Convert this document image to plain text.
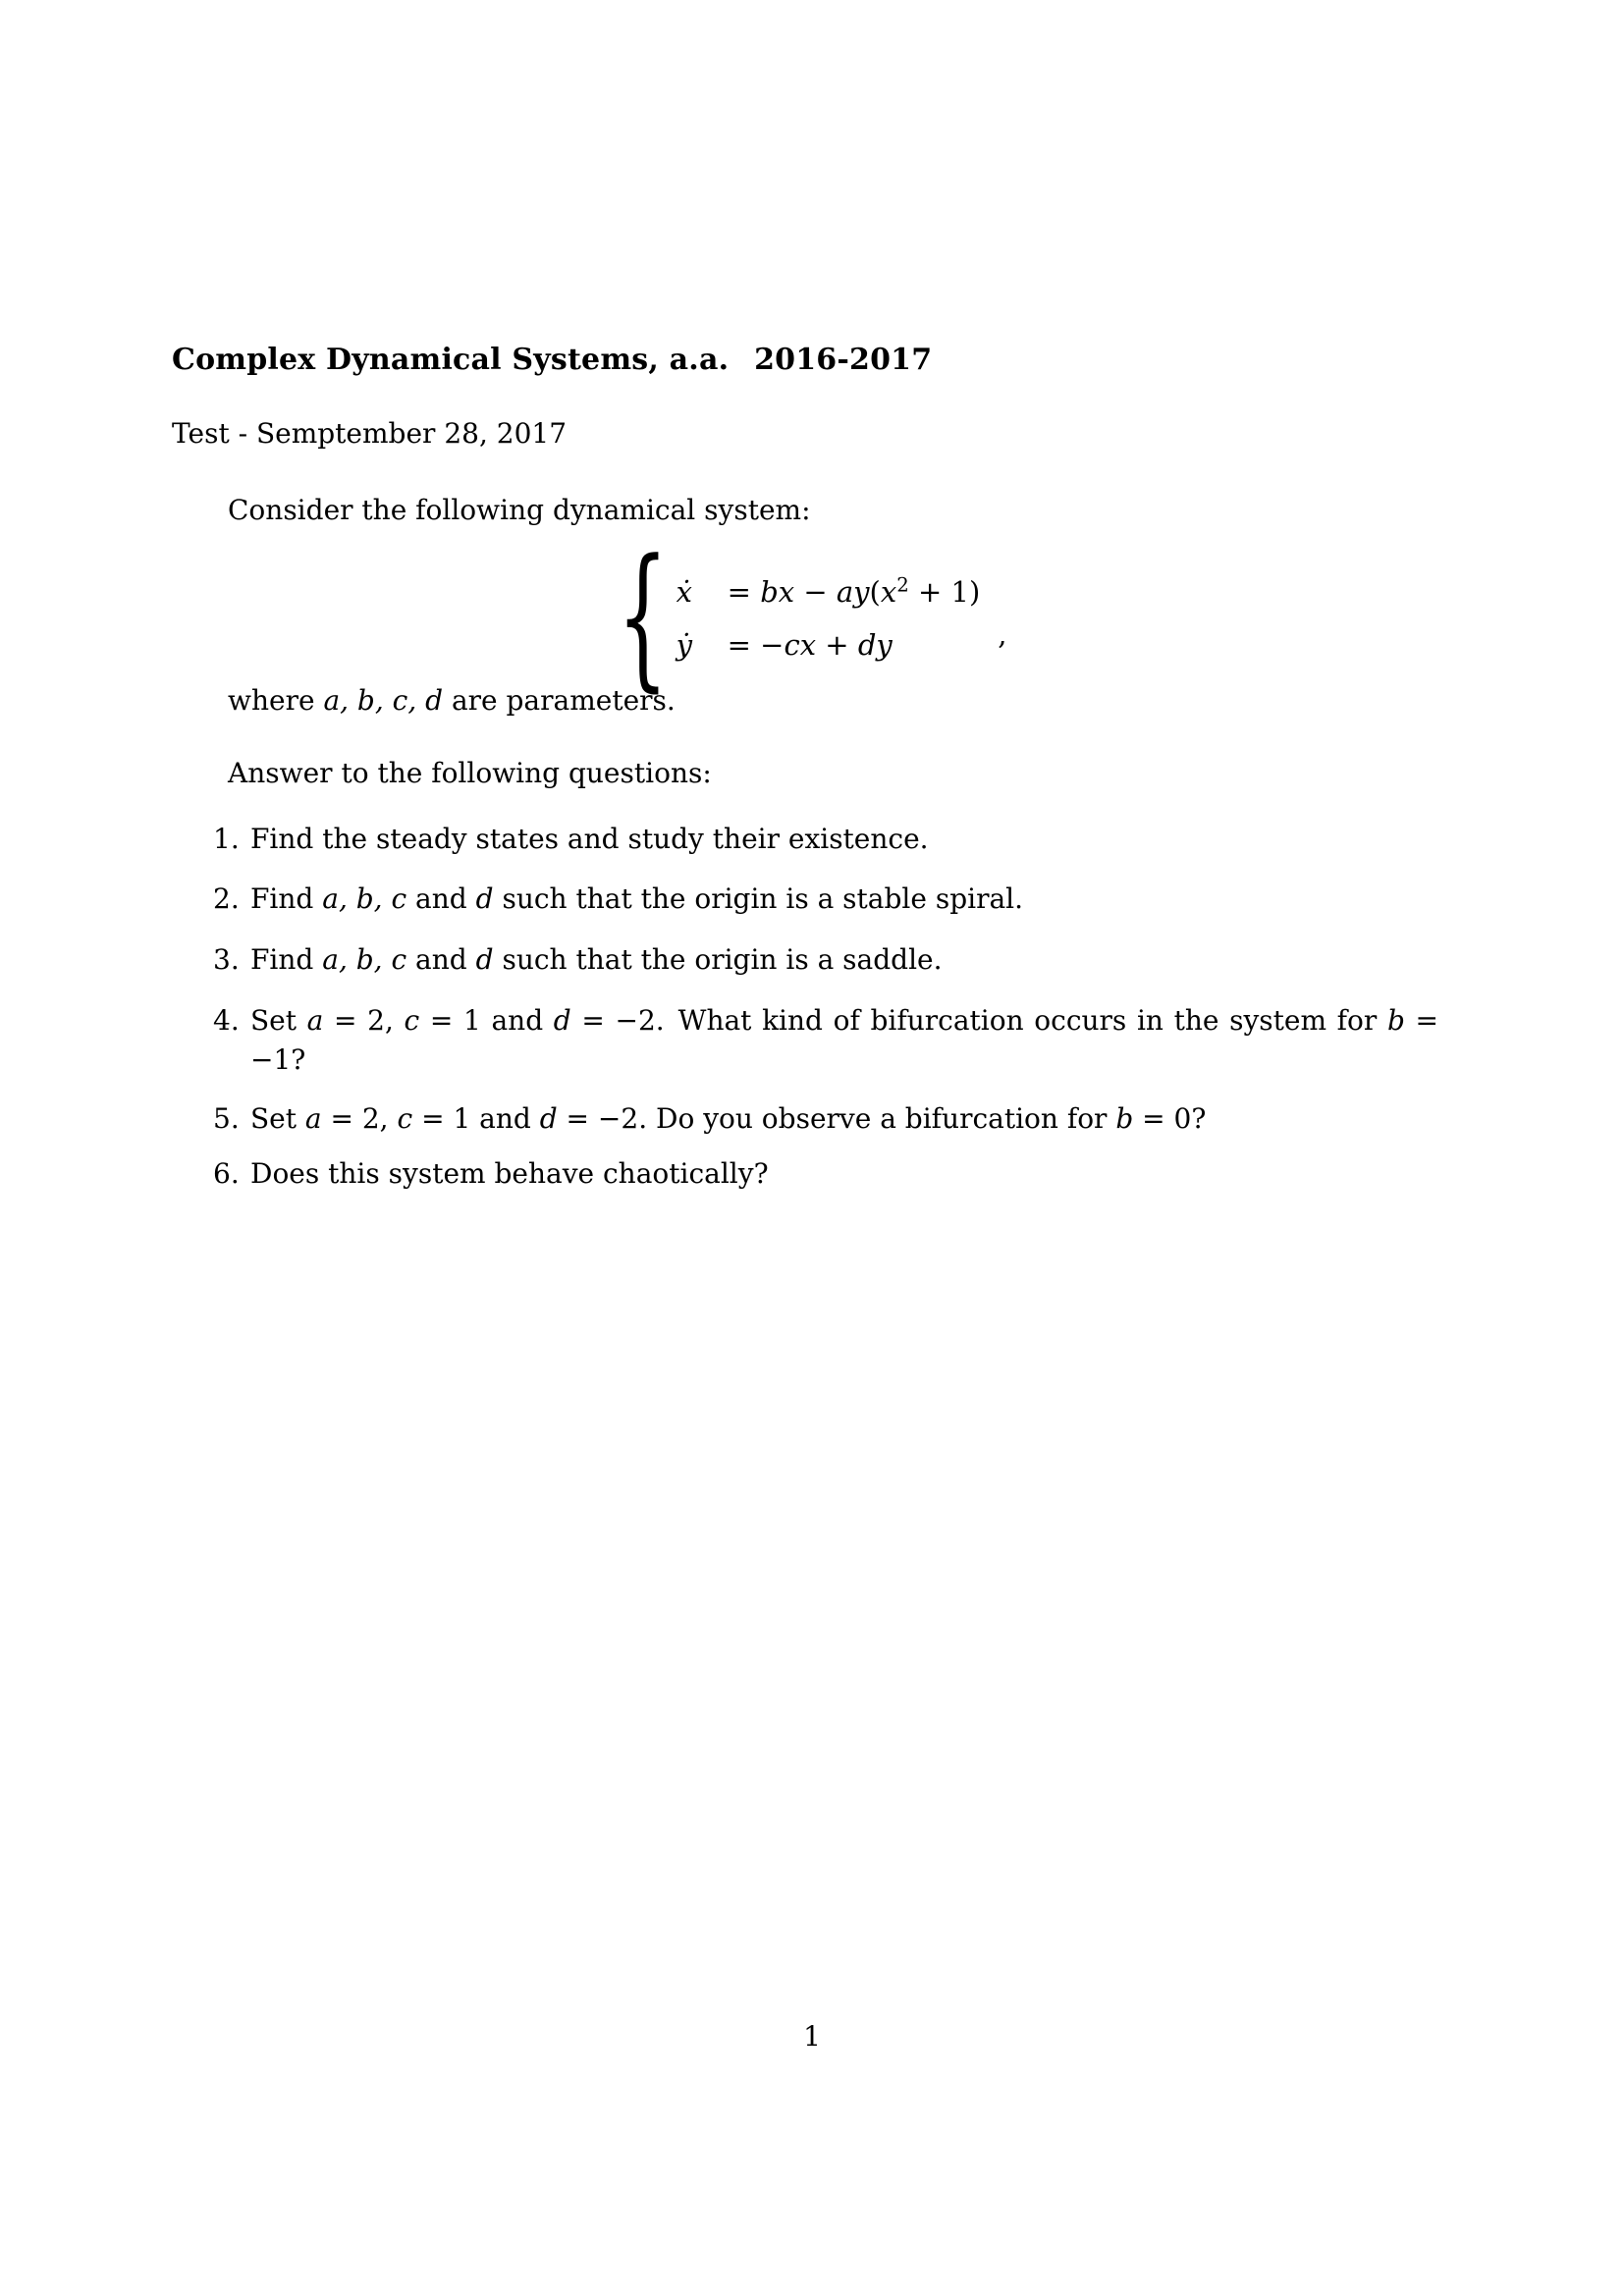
Complex Dynamical Systems, a.a.  2016-2017
Test - Semptember 28, 2017
Consider the following dynamical system:
{ ẋ	= bx − $ay(x^2 + 1)$
ẏ	= −cx + dy	,
where a, b, c, d are parameters.
Answer to the following questions:
1. Find the steady states and study their existence.
2. Find a, b, c and d such that the origin is a stable spiral.
3. Find a, b, c and d such that the origin is a saddle.
4. Set a = 2, c = 1 and d = −2. What kind of bifurcation occurs in the system for b = −1?
5. Set a = 2, c = 1 and d = −2. Do you observe a bifurcation for b = 0?
6. Does this system behave chaotically?
1
